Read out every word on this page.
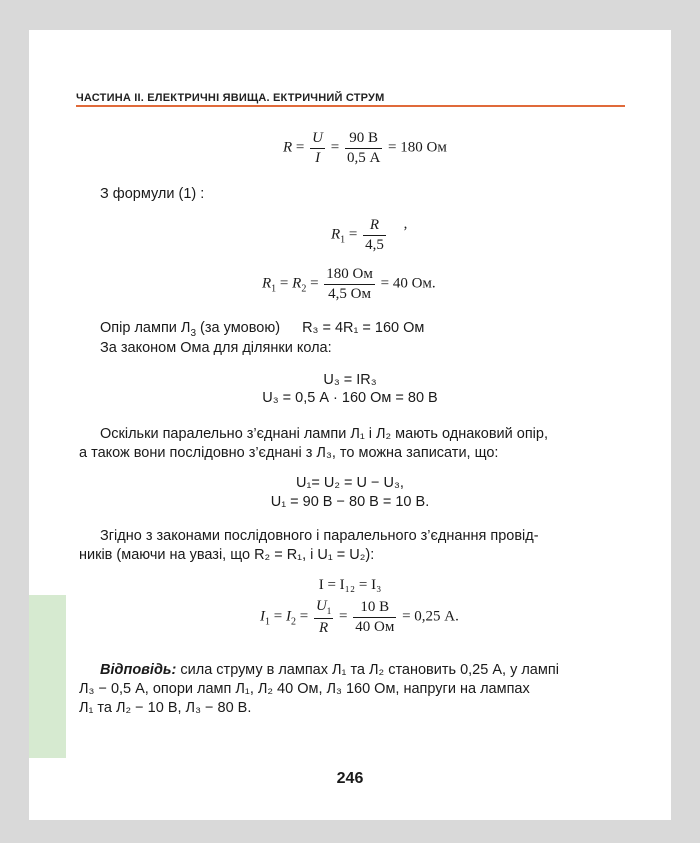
ЧАСТИНА ІІ. ЕЛЕКТРИЧНІ ЯВИЩА. ЕКТРИЧНИЙ СТРУМ
$R = \frac{U}{I} = \frac{90 В}{0,5 А} = 180$ Ом
З формули (1) :
$R_1 = \frac{R}{4,5}$ ,
$R_1 = R_2 = \frac{180 Ом}{4,5 Ом} = 40$ Ом.
Опір лампи $Л_3$ (за умовою) R₃ = 4R₁ = 160 Ом
За законом Ома для ділянки кола:
U₃ = IR₃
U₃ = 0,5 А · 160 Ом = 80 В
Оскільки паралельно з’єднані лампи Л₁ і Л₂ мають однаковий опір,
а також вони послідовно з’єднані з Л₃, то можна записати, що:
U₁= U₂ = U − U₃,
U₁ = 90 В − 80 В = 10 В.
Згідно з законами послідовного і паралельного з’єднання провід-
ників (маючи на увазі, що R₂ = R₁, і U₁ = U₂):
I = I₁₂ = I₃
$I_1 = I_2 = \frac{U_1}{R} = \frac{10 В}{40 Ом} = 0,25$ А.
Відповідь: сила струму в лампах Л₁ та Л₂ становить 0,25 А, у лампі
Л₃ − 0,5 А, опори ламп Л₁, Л₂ 40 Ом, Л₃ 160 Ом, напруги на лампах
Л₁ та Л₂ − 10 В, Л₃ − 80 В.
246
